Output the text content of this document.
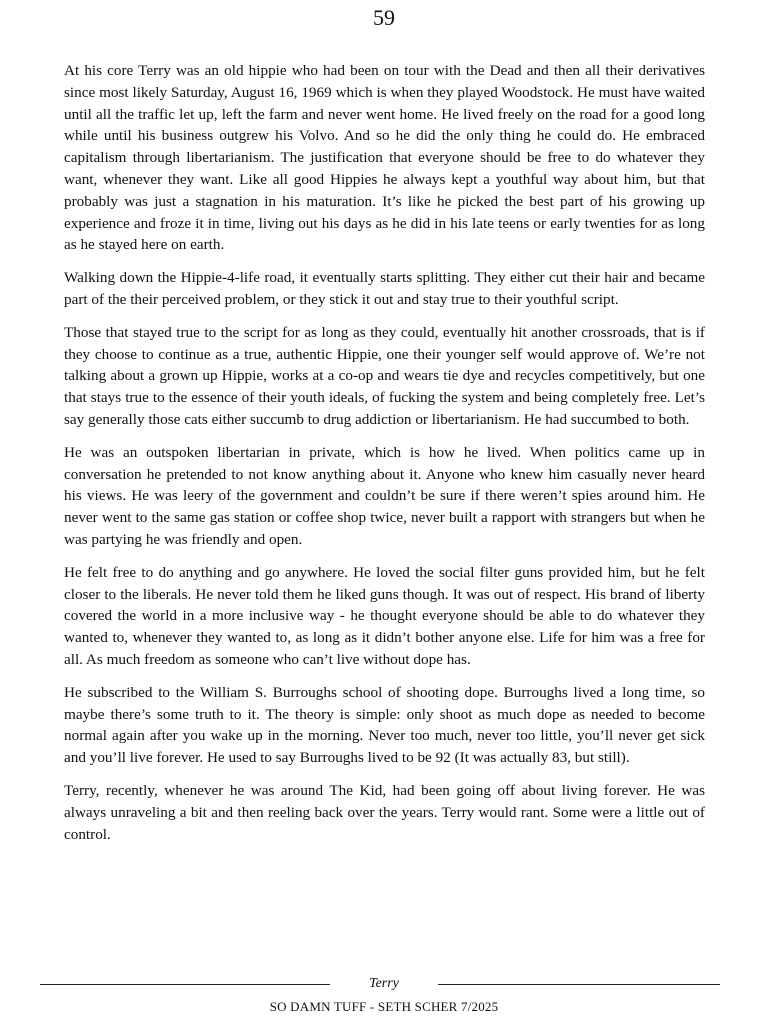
59

At his core Terry was an old hippie who had been on tour with the Dead and then all their derivatives since most likely Saturday, August 16, 1969 which is when they played Woodstock. He must have waited until all the traffic let up, left the farm and never went home. He lived freely on the road for a good long while until his business outgrew his Volvo. And so he did the only thing he could do. He embraced capitalism through libertarianism. The justification that everyone should be free to do whatever they want, whenever they want. Like all good Hippies he always kept a youthful way about him, but that probably was just a stagnation in his maturation. It’s like he picked the best part of his growing up experience and froze it in time, living out his days as he did in his late teens or early twenties for as long as he stayed here on earth.

Walking down the Hippie-4-life road, it eventually starts splitting. They either cut their hair and became part of the their perceived problem, or they stick it out and stay true to their youthful script.

Those that stayed true to the script for as long as they could, eventually hit another crossroads, that is if they choose to continue as a true, authentic Hippie, one their younger self would approve of. We’re not talking about a grown up Hippie, works at a co-op and wears tie dye and recycles competitively, but one that stays true to the essence of their youth ideals, of fucking the system and being completely free. Let’s say generally those cats either succumb to drug addiction or libertarianism. He had succumbed to both.

He was an outspoken libertarian in private, which is how he lived. When politics came up in conversation he pretended to not know anything about it. Anyone who knew him casually never heard his views. He was leery of the government and couldn’t be sure if there weren’t spies around him. He never went to the same gas station or coffee shop twice, never built a rapport with strangers but when he was partying he was friendly and open.

He felt free to do anything and go anywhere. He loved the social filter guns provided him, but he felt closer to the liberals. He never told them he liked guns though. It was out of respect. His brand of liberty covered the world in a more inclusive way - he thought everyone should be able to do whatever they wanted to, whenever they wanted to, as long as it didn’t bother anyone else. Life for him was a free for all. As much freedom as someone who can’t live without dope has.

He subscribed to the William S. Burroughs school of shooting dope. Burroughs lived a long time, so maybe there’s some truth to it. The theory is simple: only shoot as much dope as needed to become normal again after you wake up in the morning. Never too much, never too little, you’ll never get sick and you’ll live forever. He used to say Burroughs lived to be 92 (It was actually 83, but still).

Terry, recently, whenever he was around The Kid, had been going off about living forever. He was always unraveling a bit and then reeling back over the years. Terry would rant. Some were a little out of control.

Terry
SO DAMN TUFF - SETH SCHER 7/2025
